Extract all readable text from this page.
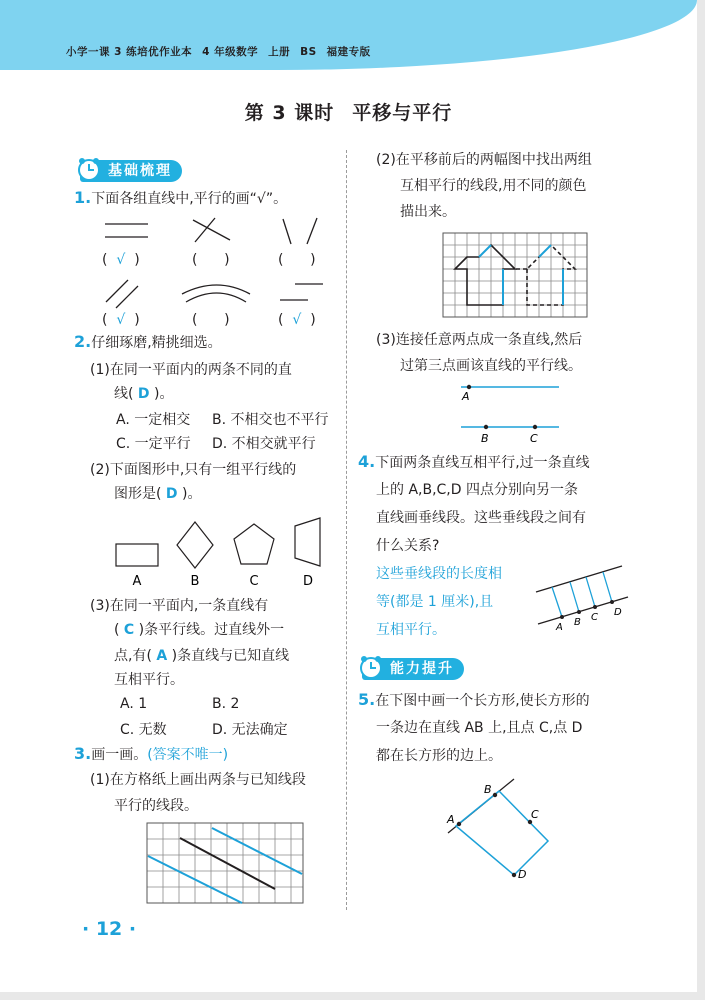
小学一课 3 练培优作业本 4 年级数学 上册 BS 福建专版
第 3 课时 平移与平行
基础梳理
1.下面各组直线中,平行的画“√”。
( √ )	( )	( )
( √ )	( )	( √ )
2.仔细琢磨,精挑细选。
(1)在同一平面内的两条不同的直
线( D )。
A. 一定相交 B. 不相交也不平行
C. 一定平行 D. 不相交就平行
(2)下面图形中,只有一组平行线的
图形是( D )。
A	B	C	D
(3)在同一平面内,一条直线有
( C )条平行线。过直线外一
点,有( A )条直线与已知直线
互相平行。
A. 1	B. 2
C. 无数	D. 无法确定
3.画一画。(答案不唯一)
(1)在方格纸上画出两条与已知线段
平行的线段。
· 12 ·
(2)在平移前后的两幅图中找出两组
互相平行的线段,用不同的颜色
描出来。
(3)连接任意两点成一条直线,然后
过第三点画该直线的平行线。
A
B	C
4.下面两条直线互相平行,过一条直线
上的 A,B,C,D 四点分别向另一条
直线画垂线段。这些垂线段之间有
什么关系?
这些垂线段的长度相
等(都是 1 厘米),且
互相平行。	A B C D
能力提升
5.在下图中画一个长方形,使长方形的
一条边在直线 AB 上,且点 C,点 D
都在长方形的边上。
A
B
C
D
